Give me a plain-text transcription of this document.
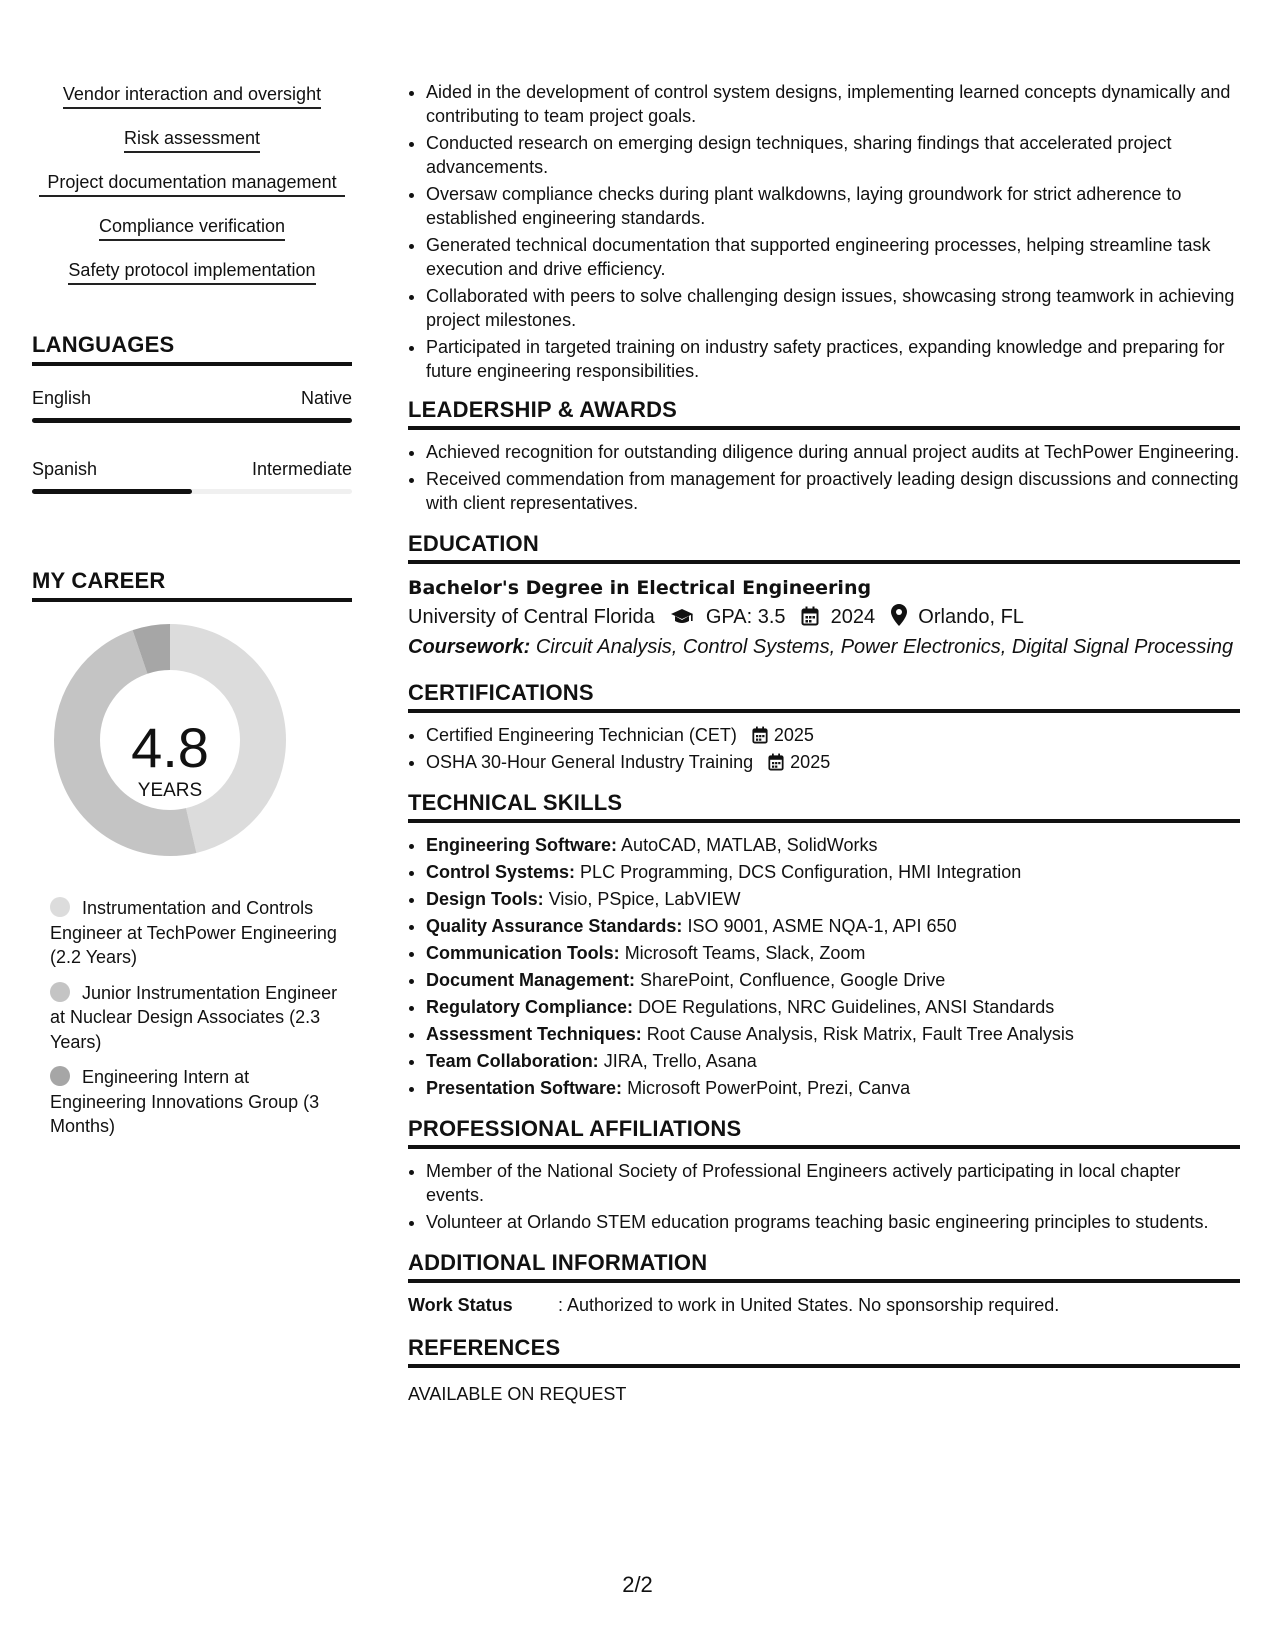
Vendor interaction and oversight
Risk assessment
Project documentation management
Compliance verification
Safety protocol implementation
LANGUAGES
English	Native
Spanish	Intermediate
MY CAREER
4.8
YEARS
Instrumentation and Controls Engineer at TechPower Engineering (2.2 Years)
Junior Instrumentation Engineer at Nuclear Design Associates (2.3 Years)
Engineering Intern at Engineering Innovations Group (3 Months)
• Aided in the development of control system designs, implementing learned concepts dynamically and contributing to team project goals.
• Conducted research on emerging design techniques, sharing findings that accelerated project advancements.
• Oversaw compliance checks during plant walkdowns, laying groundwork for strict adherence to established engineering standards.
• Generated technical documentation that supported engineering processes, helping streamline task execution and drive efficiency.
• Collaborated with peers to solve challenging design issues, showcasing strong teamwork in achieving project milestones.
• Participated in targeted training on industry safety practices, expanding knowledge and preparing for future engineering responsibilities.
LEADERSHIP & AWARDS
• Achieved recognition for outstanding diligence during annual project audits at TechPower Engineering.
• Received commendation from management for proactively leading design discussions and connecting with client representatives.
EDUCATION
Bachelor's Degree in Electrical Engineering
University of Central Florida	GPA: 3.5 2024 Orlando, FL
Coursework: Circuit Analysis, Control Systems, Power Electronics, Digital Signal Processing
CERTIFICATIONS
• Certified Engineering Technician (CET) 2025
• OSHA 30-Hour General Industry Training 2025
TECHNICAL SKILLS
• Engineering Software: AutoCAD, MATLAB, SolidWorks
• Control Systems: PLC Programming, DCS Configuration, HMI Integration
• Design Tools: Visio, PSpice, LabVIEW
• Quality Assurance Standards: ISO 9001, ASME NQA-1, API 650
• Communication Tools: Microsoft Teams, Slack, Zoom
• Document Management: SharePoint, Confluence, Google Drive
• Regulatory Compliance: DOE Regulations, NRC Guidelines, ANSI Standards
• Assessment Techniques: Root Cause Analysis, Risk Matrix, Fault Tree Analysis
• Team Collaboration: JIRA, Trello, Asana
• Presentation Software: Microsoft PowerPoint, Prezi, Canva
PROFESSIONAL AFFILIATIONS
• Member of the National Society of Professional Engineers actively participating in local chapter events.
• Volunteer at Orlando STEM education programs teaching basic engineering principles to students.
ADDITIONAL INFORMATION
Work Status	: Authorized to work in United States. No sponsorship required.
REFERENCES
AVAILABLE ON REQUEST
2/2
